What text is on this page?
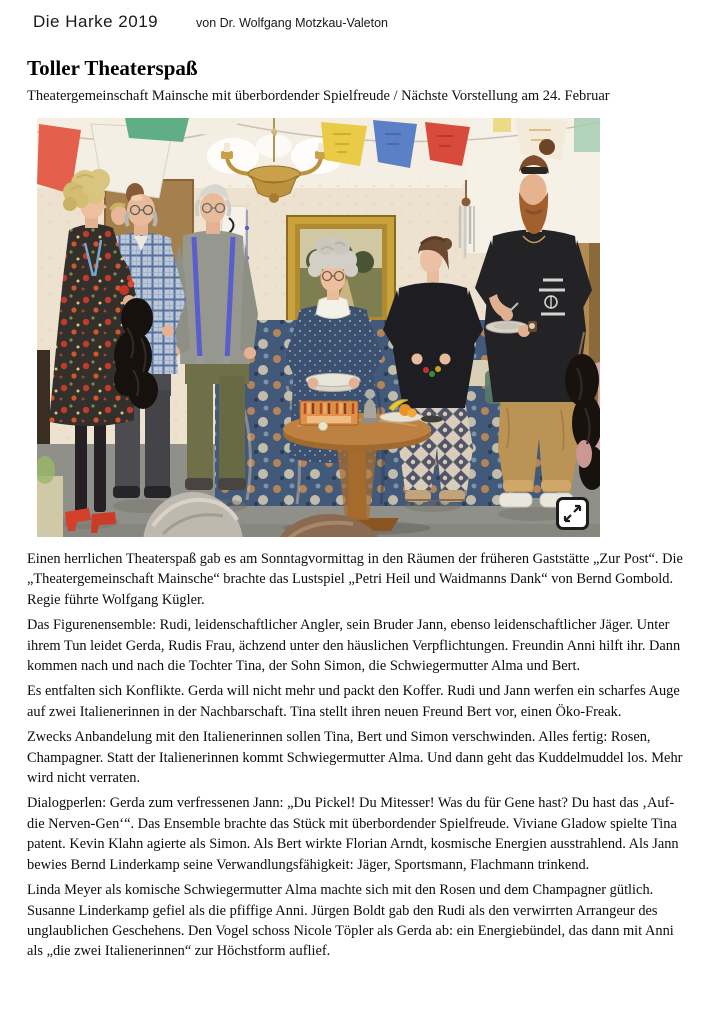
Die Harke 2019	von Dr. Wolfgang Motzkau-Valeton
Toller Theaterspaß
Theatergemeinschaft Mainsche mit überbordender Spielfreude / Nächste Vorstellung am 24. Februar

Einen herrlichen Theaterspaß gab es am Sonntagvormittag in den Räumen der früheren Gaststätte „Zur Post“. Die „Theatergemeinschaft Mainsche“ brachte das Lustspiel „Petri Heil und Waidmanns Dank“ von Bernd Gombold. Regie führte Wolfgang Kügler.

Das Figurenensemble: Rudi, leidenschaftlicher Angler, sein Bruder Jann, ebenso leidenschaftlicher Jäger. Unter ihrem Tun leidet Gerda, Rudis Frau, ächzend unter den häuslichen Verpflichtungen. Freundin Anni hilft ihr. Dann kommen nach und nach die Tochter Tina, der Sohn Simon, die Schwiegermutter Alma und Bert.

Es entfalten sich Konflikte. Gerda will nicht mehr und packt den Koffer. Rudi und Jann werfen ein scharfes Auge auf zwei Italienerinnen in der Nachbarschaft. Tina stellt ihren neuen Freund Bert vor, einen Öko-Freak.

Zwecks Anbandelung mit den Italienerinnen sollen Tina, Bert und Simon verschwinden. Alles fertig: Rosen, Champagner. Statt der Italienerinnen kommt Schwiegermutter Alma. Und dann geht das Kuddelmuddel los. Mehr wird nicht verraten.

Dialogperlen: Gerda zum verfressenen Jann: „Du Pickel! Du Mitesser! Was du für Gene hast? Du hast das ‚Auf-die Nerven-Gen‘“. Das Ensemble brachte das Stück mit überbordender Spielfreude. Viviane Gladow spielte Tina patent. Kevin Klahn agierte als Simon. Als Bert wirkte Florian Arndt, kosmische Energien ausstrahlend. Als Jann bewies Bernd Linderkamp seine Verwandlungsfähigkeit: Jäger, Sportsmann, Flachmann trinkend.

Linda Meyer als komische Schwiegermutter Alma machte sich mit den Rosen und dem Champagner gütlich. Susanne Linderkamp gefiel als die pfiffige Anni. Jürgen Boldt gab den Rudi als den verwirrten Arrangeur des unglaublichen Geschehens. Den Vogel schoss Nicole Töpler als Gerda ab: ein Energiebündel, das dann mit Anni als „die zwei Italienerinnen“ zur Höchstform auflief.
